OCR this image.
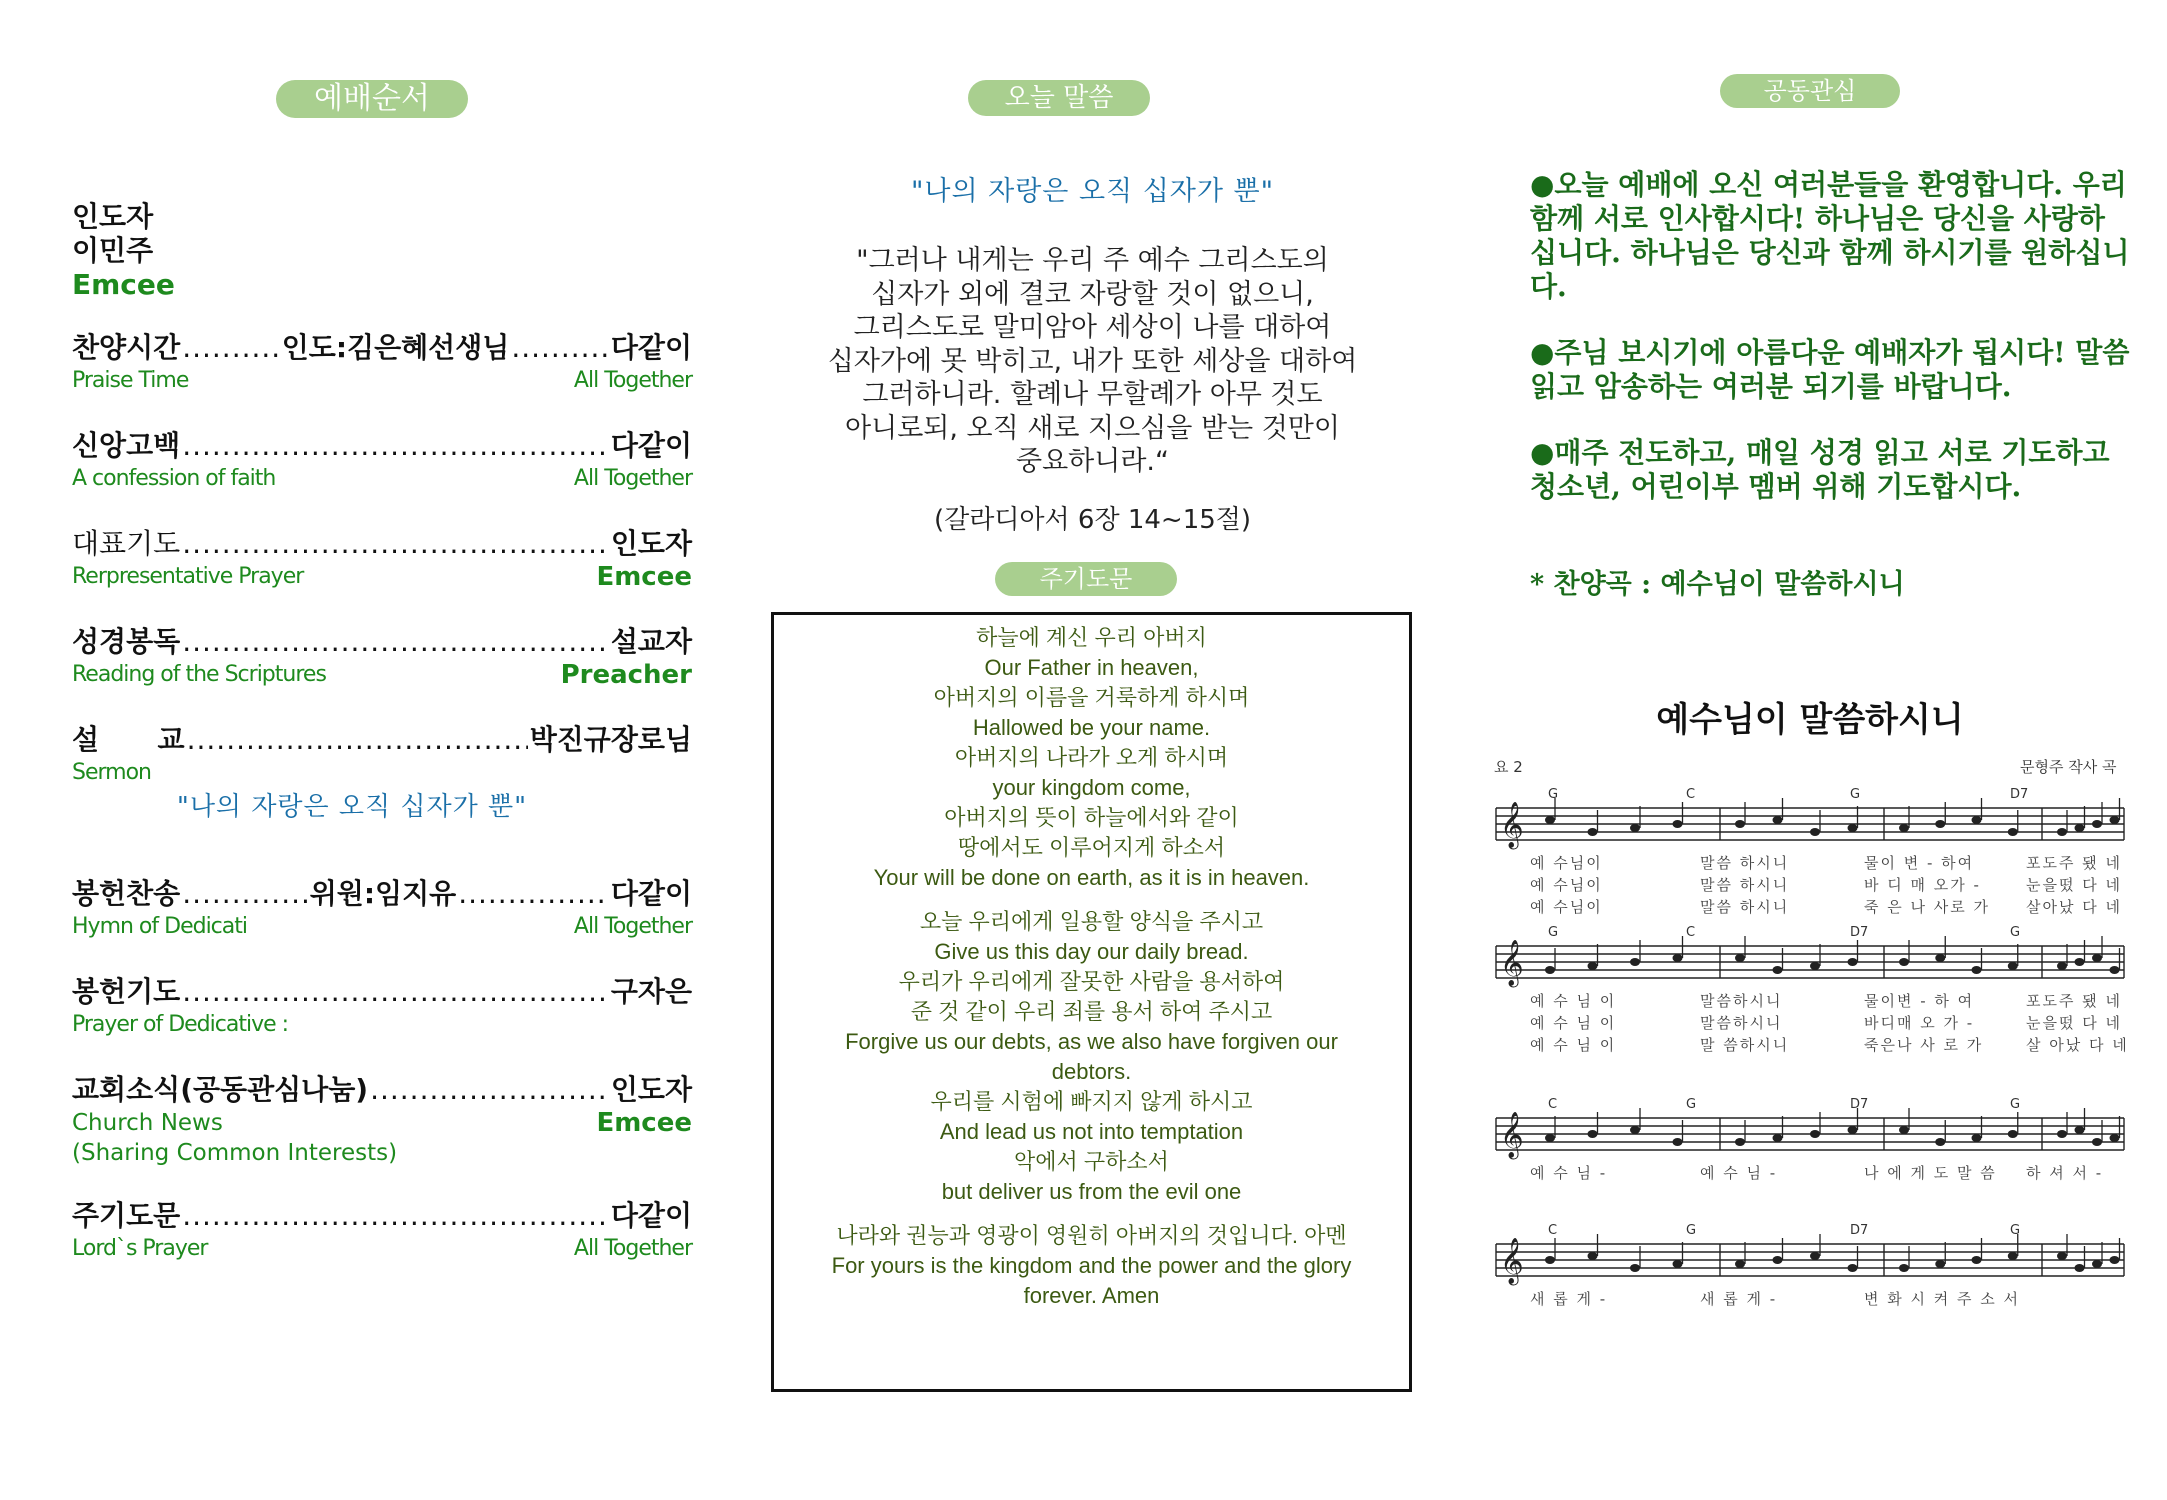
예배순서	오늘 말씀
주기도문
공동관심
인도자
이민주
Emcee
찬양시간 .....	인도:김은혜선생님 .....	다같이
Praise Time	All Together
신앙고백 .....	다같이
A confession of faith	All Together
대표기도 .....	인도자
Rerpresentative Prayer	Emcee
성경봉독 .....	설교자
Reading of the Scriptures	Preacher
설      교 .....	박진규장로님
Sermon
"나의 자랑은 오직 십자가 뿐"
봉헌찬송 .....	위원:임지유 .....	다같이
Hymn of Dedicati	All Together
봉헌기도 .....	구자은
Prayer of Dedicative :
교회소식(공동관심나눔) .....	인도자
Church News	Emcee
(Sharing Common Interests)
주기도문 .....	다같이
Lord`s Prayer	All Together
"나의 자랑은 오직 십자가 뿐"
"그러나 내게는 우리 주 예수 그리스도의
십자가 외에 결코 자랑할 것이 없으니,
그리스도로 말미암아 세상이 나를 대하여
십자가에 못 박히고, 내가 또한 세상을 대하여
그러하니라. 할례나 무할례가 아무 것도
아니로되, 오직 새로 지으심을 받는 것만이
중요하니라.“
(갈라디아서 6장 14~15절)
하늘에 계신 우리 아버지
Our Father in heaven,
아버지의 이름을 거룩하게 하시며
Hallowed be your name.
아버지의 나라가 오게 하시며
your kingdom come,
아버지의 뜻이 하늘에서와 같이
땅에서도 이루어지게 하소서
Your will be done on earth, as it is in heaven.
오늘 우리에게 일용할 양식을 주시고
Give us this day our daily bread.
우리가 우리에게 잘못한 사람을 용서하여
준 것 같이 우리 죄를 용서 하여 주시고
Forgive us our debts, as we also have forgiven our
debtors.
우리를 시험에 빠지지 않게 하시고
And lead us not into temptation
악에서 구하소서
but deliver us from the evil one
나라와 권능과 영광이 영원히 아버지의 것입니다. 아멘
For yours is the kingdom and the power and the glory
forever. Amen
●오늘 예배에 오신 여러분들을 환영합니다. 우리 함께 서로 인사합시다! 하나님은 당신을 사랑하십니다. 하나님은 당신과 함께 하시기를 원하십니다.
●주님 보시기에 아름다운 예배자가 됩시다! 말씀 읽고 암송하는 여러분 되기를 바랍니다.
●매주 전도하고, 매일 성경 읽고 서로 기도하고 청소년, 어린이부 멤버 위해 기도합시다.
* 찬양곡 : 예수님이 말씀하시니
예수님이 말씀하시니
요 2	문형주 작사 곡
𝄞
G	C	G	D7
예 수님이	말씀 하시니	물이 변 - 하여	포도주 됐 네
예 수님이	말씀 하시니	바 디 매 오가 -	눈을떴 다 네
예 수님이	말씀 하시니	죽 은 나 사로 가 살아났 다 네
𝄞
G	C	D7	G
예 수 님 이	말씀하시니	물이변 - 하 여	포도주 됐 네
예 수 님 이	말씀하시니	바디매 오 가 -	눈을떴 다 네
예 수 님 이	말 씀하시니	죽은나 사 로 가	살 아났 다 네
𝄞
C	G	D7	G
예 수 님 -	예 수 님 -	나 에 게 도 말 씀 하 셔 서 -
𝄞
C	G	D7	G
새 롭 게 -	새 롭 게 -	변 화 시 켜 주 소 서
